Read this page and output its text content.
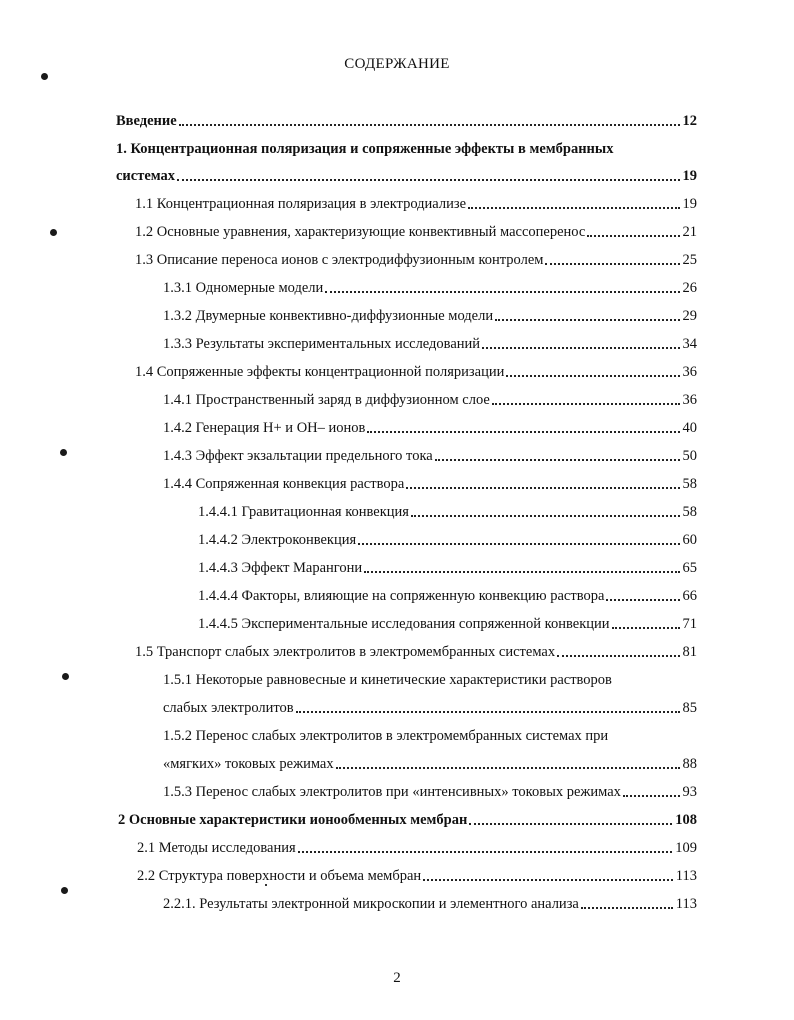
СОДЕРЖАНИЕ
Введение	12
1. Концентрационная поляризация и сопряженные эффекты в мембранных
системах	19
1.1 Концентрационная поляризация в электродиализе	19
1.2 Основные уравнения, характеризующие конвективный массоперенос	21
1.3 Описание переноса ионов с электродиффузионным контролем	25
1.3.1 Одномерные модели	26
1.3.2 Двумерные конвективно-диффузионные модели	29
1.3.3 Результаты экспериментальных исследований	34
1.4 Сопряженные эффекты концентрационной поляризации	36
1.4.1 Пространственный заряд в диффузионном слое	36
1.4.2 Генерация Н+ и ОН– ионов	40
1.4.3 Эффект экзальтации предельного тока	50
1.4.4 Сопряженная конвекция раствора	58
1.4.4.1 Гравитационная конвекция	58
1.4.4.2 Электроконвекция	60
1.4.4.3 Эффект Марангони	65
1.4.4.4 Факторы, влияющие на сопряженную конвекцию раствора	66
1.4.4.5 Экспериментальные исследования сопряженной конвекции	71
1.5 Транспорт слабых электролитов в электромембранных системах	81
1.5.1 Некоторые равновесные и кинетические характеристики растворов
слабых электролитов	85
1.5.2 Перенос слабых электролитов в электромембранных системах при
«мягких» токовых режимах	88
1.5.3 Перенос слабых электролитов при «интенсивных» токовых режимах	93
2 Основные характеристики ионообменных мембран	108
2.1 Методы исследования	109
2.2 Структура поверхности и объема мембран	113
2.2.1. Результаты электронной микроскопии и элементного анализа	113
2
